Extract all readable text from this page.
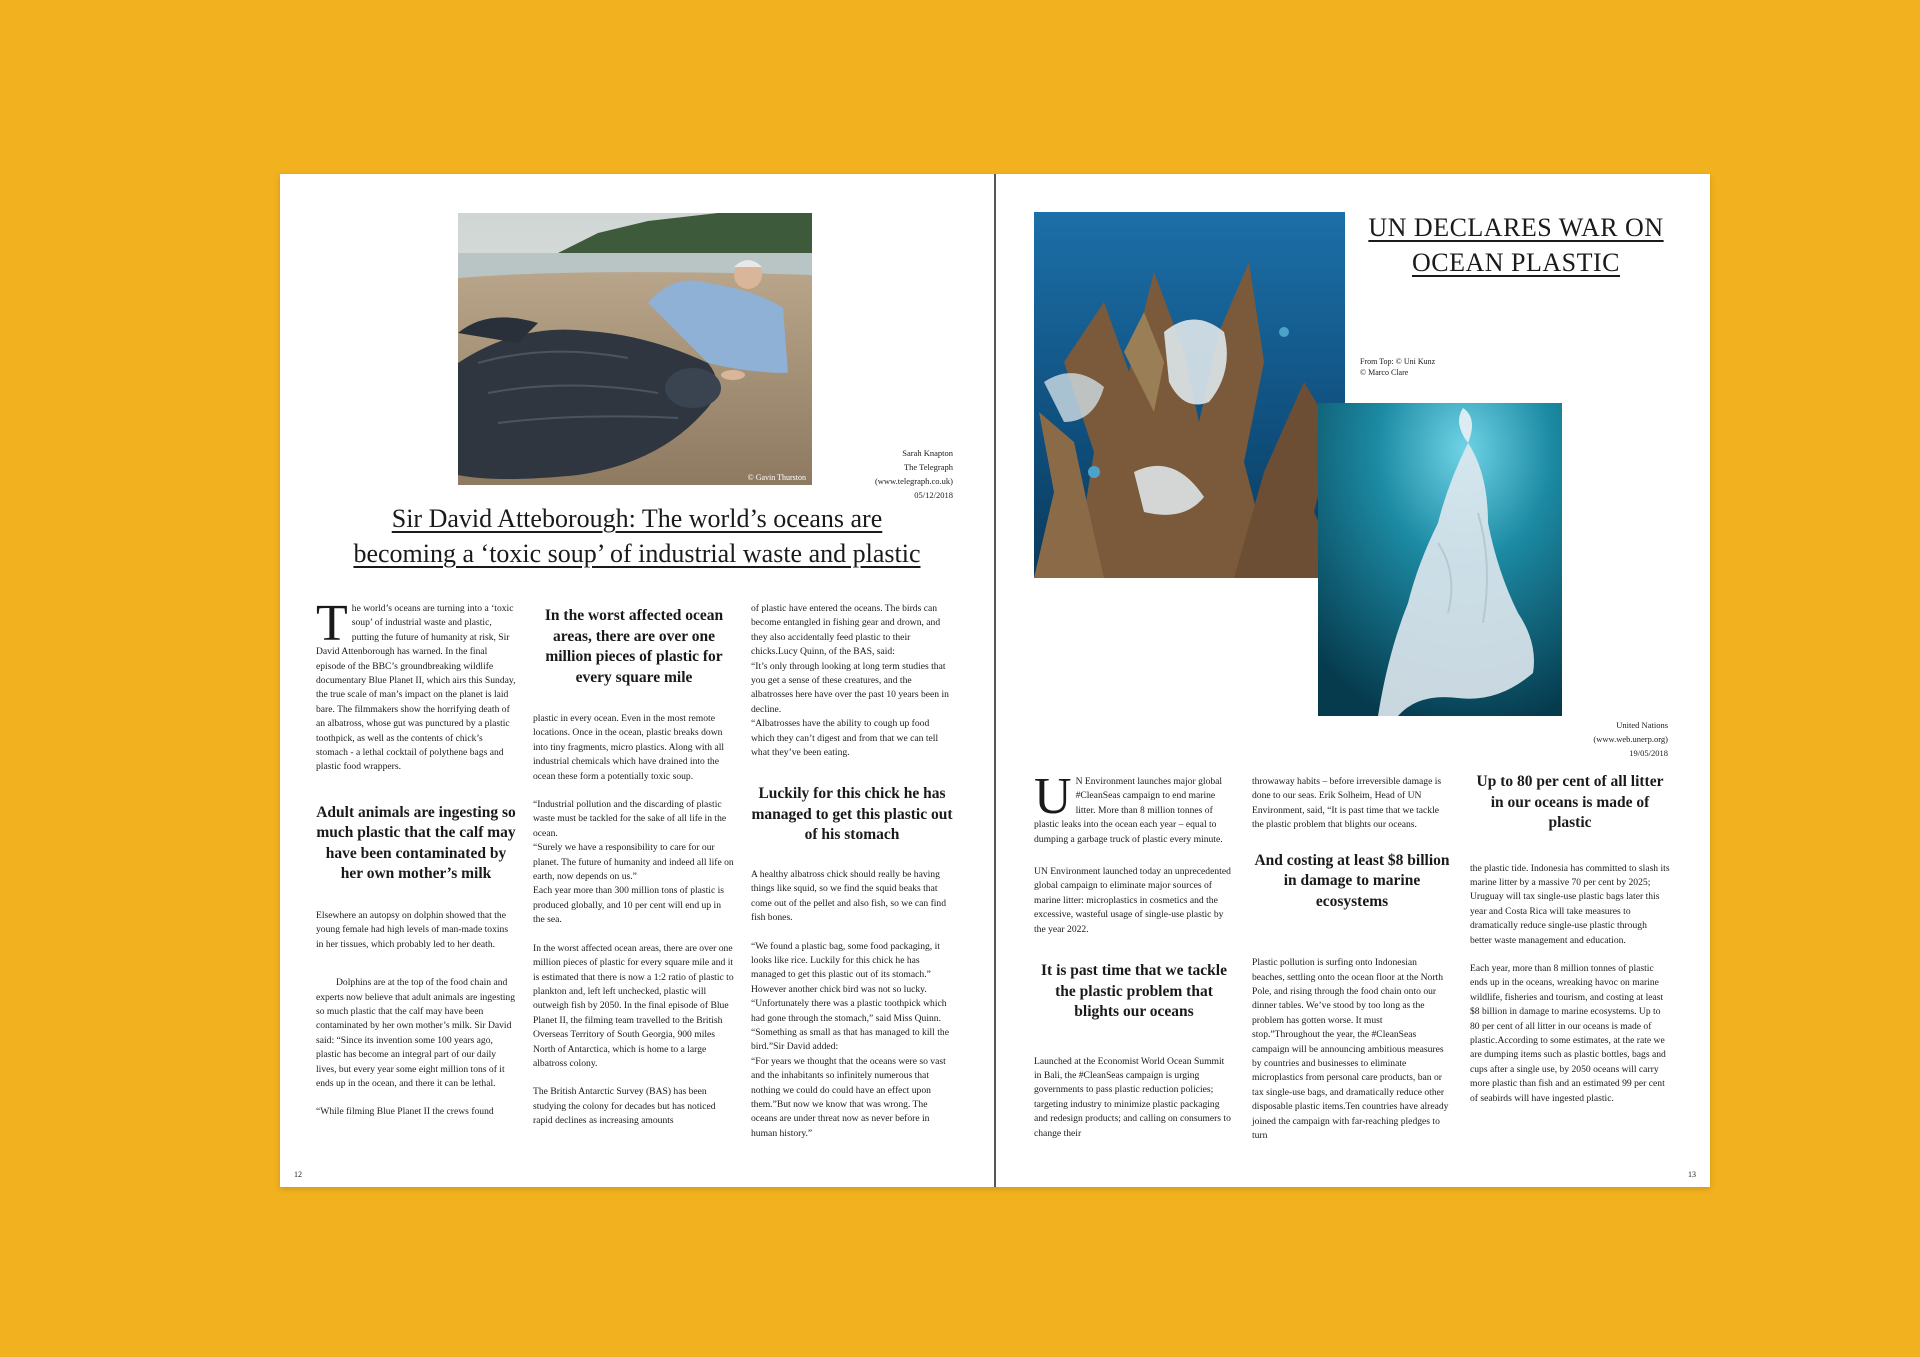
© Gavin Thurston
Sarah Knapton
The Telegraph
(www.telegraph.co.uk)
05/12/2018
Sir David Atteborough: The world’s oceans are
becoming a ‘toxic soup’ of industrial waste and plastic

The world’s oceans are turning into a ‘toxic soup’ of industrial waste and plastic, putting the future of humanity at risk, Sir David Attenborough has warned. In the final episode of the BBC’s groundbreaking wildlife documentary Blue Planet II, which airs this Sunday, the true scale of man’s impact on the planet is laid bare. The filmmakers show the horrifying death of an albatross, whose gut was punctured by a plastic toothpick, as well as the contents of chick’s stomach - a lethal cocktail of polythene bags and plastic food wrappers.

Adult animals are ingesting so much plastic that the calf may have been contaminated by her own mother’s milk

Elsewhere an autopsy on dolphin showed that the young female had high levels of man-made toxins in her tissues, which probably led to her death.

Dolphins are at the top of the food chain and experts now believe that adult animals are ingesting so much plastic that the calf may have been contaminated by her own mother’s milk. Sir David said: “Since its invention some 100 years ago, plastic has become an integral part of our daily lives, but every year some eight million tons of it ends up in the ocean, and there it can be lethal.

“While filming Blue Planet II the crews found

In the worst affected ocean areas, there are over one million pieces of plastic for every square mile

plastic in every ocean. Even in the most remote locations. Once in the ocean, plastic breaks down into tiny fragments, micro plastics. Along with all industrial chemicals which have drained into the ocean these form a potentially toxic soup.

“Industrial pollution and the discarding of plastic waste must be tackled for the sake of all life in the ocean.

“Surely we have a responsibility to care for our planet. The future of humanity and indeed all life on earth, now depends on us.”

Each year more than 300 million tons of plastic is produced globally, and 10 per cent will end up in the sea.

In the worst affected ocean areas, there are over one million pieces of plastic for every square mile and it is estimated that there is now a 1:2 ratio of plastic to plankton and, left left unchecked, plastic will outweigh fish by 2050. In the final episode of Blue Planet II, the filming team travelled to the British Overseas Territory of South Georgia, 900 miles North of Antarctica, which is home to a large albatross colony.

The British Antarctic Survey (BAS) has been studying the colony for decades but has noticed rapid declines as increasing amounts

of plastic have entered the oceans. The birds can become entangled in fishing gear and drown, and they also accidentally feed plastic to their chicks.Lucy Quinn, of the BAS, said:

“It’s only through looking at long term studies that you get a sense of these creatures, and the albatrosses here have over the past 10 years been in decline.

“Albatrosses have the ability to cough up food which they can’t digest and from that we can tell what they’ve been eating.

Luckily for this chick he has managed to get this plastic out of his stomach

A healthy albatross chick should really be having things like squid, so we find the squid beaks that come out of the pellet and also fish, so we can find fish bones.

“We found a plastic bag, some food packaging, it looks like rice. Luckily for this chick he has managed to get this plastic out of its stomach.” However another chick bird was not so lucky.

“Unfortunately there was a plastic toothpick which had gone through the stomach,” said Miss Quinn. “Something as small as that has managed to kill the bird.”Sir David added:

“For years we thought that the oceans were so vast and the inhabitants so infinitely numerous that nothing we could do could have an effect upon them.”But now we know that was wrong. The oceans are under threat now as never before in human history.”

12
UN DECLARES WAR ON
OCEAN PLASTIC
From Top: © Uni Kunz
© Marco Clare
United Nations
(www.web.unerp.org)
19/05/2018

U N Environment launches major global #CleanSeas campaign to end marine litter. More than 8 million tonnes of plastic leaks into the ocean each year – equal to dumping a garbage truck of plastic every minute.

UN Environment launched today an unprecedented global campaign to eliminate major sources of marine litter: microplastics in cosmetics and the excessive, wasteful usage of single-use plastic by the year 2022.

It is past time that we tackle the plastic problem that blights our oceans

Launched at the Economist World Ocean Summit in Bali, the #CleanSeas campaign is urging governments to pass plastic reduction policies; targeting industry to minimize plastic packaging and redesign products; and calling on consumers to change their

throwaway habits – before irreversible damage is done to our seas. Erik Solheim, Head of UN Environment, said, “It is past time that we tackle the plastic problem that blights our oceans.

And costing at least $8 billion in damage to marine ecosystems

Plastic pollution is surfing onto Indonesian beaches, settling onto the ocean floor at the North Pole, and rising through the food chain onto our dinner tables. We’ve stood by too long as the problem has gotten worse. It must stop.”Throughout the year, the #CleanSeas campaign will be announcing ambitious measures by countries and businesses to eliminate microplastics from personal care products, ban or tax single-use bags, and dramatically reduce other disposable plastic items.Ten countries have already joined the campaign with far-reaching pledges to turn

Up to 80 per cent of all litter in our oceans is made of plastic

the plastic tide. Indonesia has committed to slash its marine litter by a massive 70 per cent by 2025; Uruguay will tax single-use plastic bags later this year and Costa Rica will take measures to dramatically reduce single-use plastic through better waste management and education.

Each year, more than 8 million tonnes of plastic ends up in the oceans, wreaking havoc on marine wildlife, fisheries and tourism, and costing at least $8 billion in damage to marine ecosystems. Up to 80 per cent of all litter in our oceans is made of plastic.According to some estimates, at the rate we are dumping items such as plastic bottles, bags and cups after a single use, by 2050 oceans will carry more plastic than fish and an estimated 99 per cent of seabirds will have ingested plastic.

13
